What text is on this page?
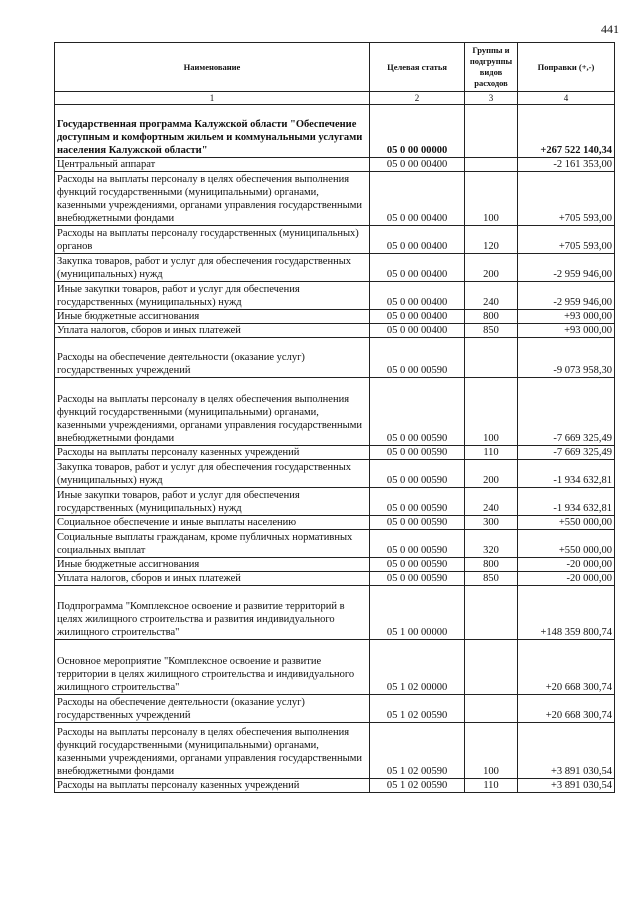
441
Наименование	Целевая статья	Группы и подгруппы видов расходов	Поправки (+,-)
1	2	3	4
Государственная программа Калужской области "Обеспечение доступным и комфортным жильем и коммунальными услугами населения Калужской области"	05 0 00 00000		+267 522 140,34
Центральный аппарат	05 0 00 00400		-2 161 353,00
Расходы на выплаты персоналу в целях обеспечения выполнения функций государственными (муниципальными) органами, казенными учреждениями, органами управления государственными внебюджетными фондами	05 0 00 00400	100	+705 593,00
Расходы на выплаты персоналу государственных (муниципальных) органов	05 0 00 00400	120	+705 593,00
Закупка товаров, работ и услуг для обеспечения государственных (муниципальных) нужд	05 0 00 00400	200	-2 959 946,00
Иные закупки товаров, работ и услуг для обеспечения государственных (муниципальных) нужд	05 0 00 00400	240	-2 959 946,00
Иные бюджетные ассигнования	05 0 00 00400	800	+93 000,00
Уплата налогов, сборов и иных платежей	05 0 00 00400	850	+93 000,00
Расходы на обеспечение деятельности (оказание услуг) государственных учреждений	05 0 00 00590		-9 073 958,30
Расходы на выплаты персоналу в целях обеспечения выполнения функций государственными (муниципальными) органами, казенными учреждениями, органами управления государственными внебюджетными фондами	05 0 00 00590	100	-7 669 325,49
Расходы на выплаты персоналу казенных учреждений	05 0 00 00590	110	-7 669 325,49
Закупка товаров, работ и услуг для обеспечения государственных (муниципальных) нужд	05 0 00 00590	200	-1 934 632,81
Иные закупки товаров, работ и услуг для обеспечения государственных (муниципальных) нужд	05 0 00 00590	240	-1 934 632,81
Социальное обеспечение и иные выплаты населению	05 0 00 00590	300	+550 000,00
Социальные выплаты гражданам, кроме публичных нормативных социальных выплат	05 0 00 00590	320	+550 000,00
Иные бюджетные ассигнования	05 0 00 00590	800	-20 000,00
Уплата налогов, сборов и иных платежей	05 0 00 00590	850	-20 000,00
Подпрограмма "Комплексное освоение и развитие территорий в целях жилищного строительства и развития индивидуального жилищного строительства"	05 1 00 00000		+148 359 800,74
Основное мероприятие "Комплексное освоение и развитие территории в целях жилищного строительства и индивидуального жилищного строительства"	05 1 02 00000		+20 668 300,74
Расходы на обеспечение деятельности (оказание услуг) государственных учреждений	05 1 02 00590		+20 668 300,74
Расходы на выплаты персоналу в целях обеспечения выполнения функций государственными (муниципальными) органами, казенными учреждениями, органами управления государственными внебюджетными фондами	05 1 02 00590	100	+3 891 030,54
Расходы на выплаты персоналу казенных учреждений	05 1 02 00590	110	+3 891 030,54
